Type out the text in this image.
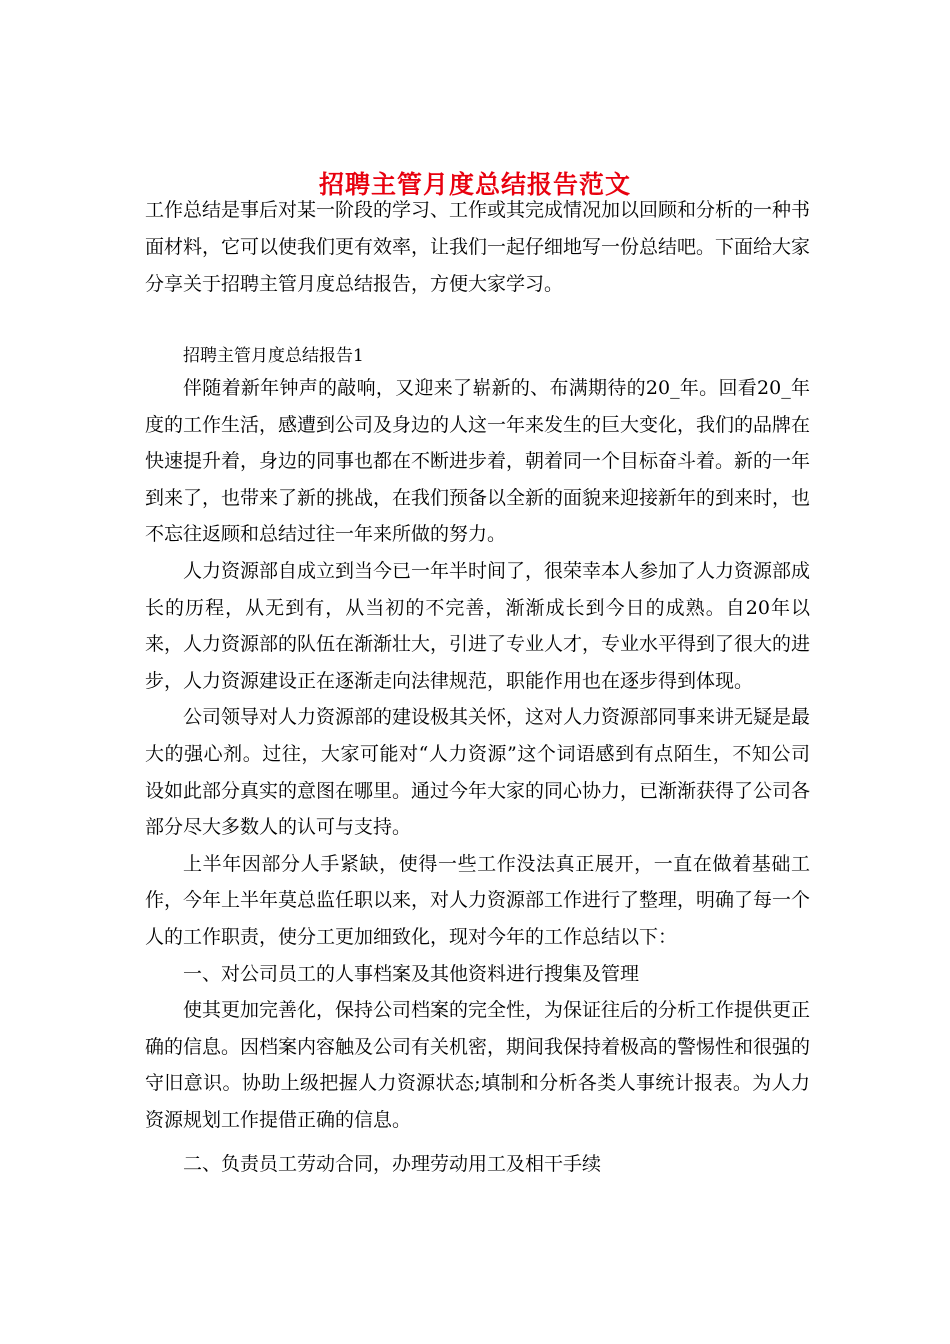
招聘主管月度总结报告范文

工作总结是事后对某一阶段的学习、工作或其完成情况加以回顾和分析的一种书面材料，它可以使我们更有效率，让我们一起仔细地写一份总结吧。下面给大家分享关于招聘主管月度总结报告，方便大家学习。

招聘主管月度总结报告1

伴随着新年钟声的敲响，又迎来了崭新的、布满期待的20_年。回看20_年度的工作生活，感遭到公司及身边的人这一年来发生的巨大变化，我们的品牌在快速提升着，身边的同事也都在不断进步着，朝着同一个目标奋斗着。新的一年到来了，也带来了新的挑战，在我们预备以全新的面貌来迎接新年的到来时，也不忘往返顾和总结过往一年来所做的努力。

人力资源部自成立到当今已一年半时间了，很荣幸本人参加了人力资源部成长的历程，从无到有，从当初的不完善，渐渐成长到今日的成熟。自20年以来，人力资源部的队伍在渐渐壮大，引进了专业人才，专业水平得到了很大的进步，人力资源建设正在逐渐走向法律规范，职能作用也在逐步得到体现。

公司领导对人力资源部的建设极其关怀，这对人力资源部同事来讲无疑是最大的强心剂。过往，大家可能对“人力资源”这个词语感到有点陌生，不知公司设如此部分真实的意图在哪里。通过今年大家的同心协力，已渐渐获得了公司各部分尽大多数人的认可与支持。

上半年因部分人手紧缺，使得一些工作没法真正展开，一直在做着基础工作，今年上半年莫总监任职以来，对人力资源部工作进行了整理，明确了每一个人的工作职责，使分工更加细致化，现对今年的工作总结以下：

一、对公司员工的人事档案及其他资料进行搜集及管理

使其更加完善化，保持公司档案的完全性，为保证往后的分析工作提供更正确的信息。因档案内容触及公司有关机密，期间我保持着极高的警惕性和很强的守旧意识。协助上级把握人力资源状态;填制和分析各类人事统计报表。为人力资源规划工作提借正确的信息。

二、负责员工劳动合同，办理劳动用工及相干手续
